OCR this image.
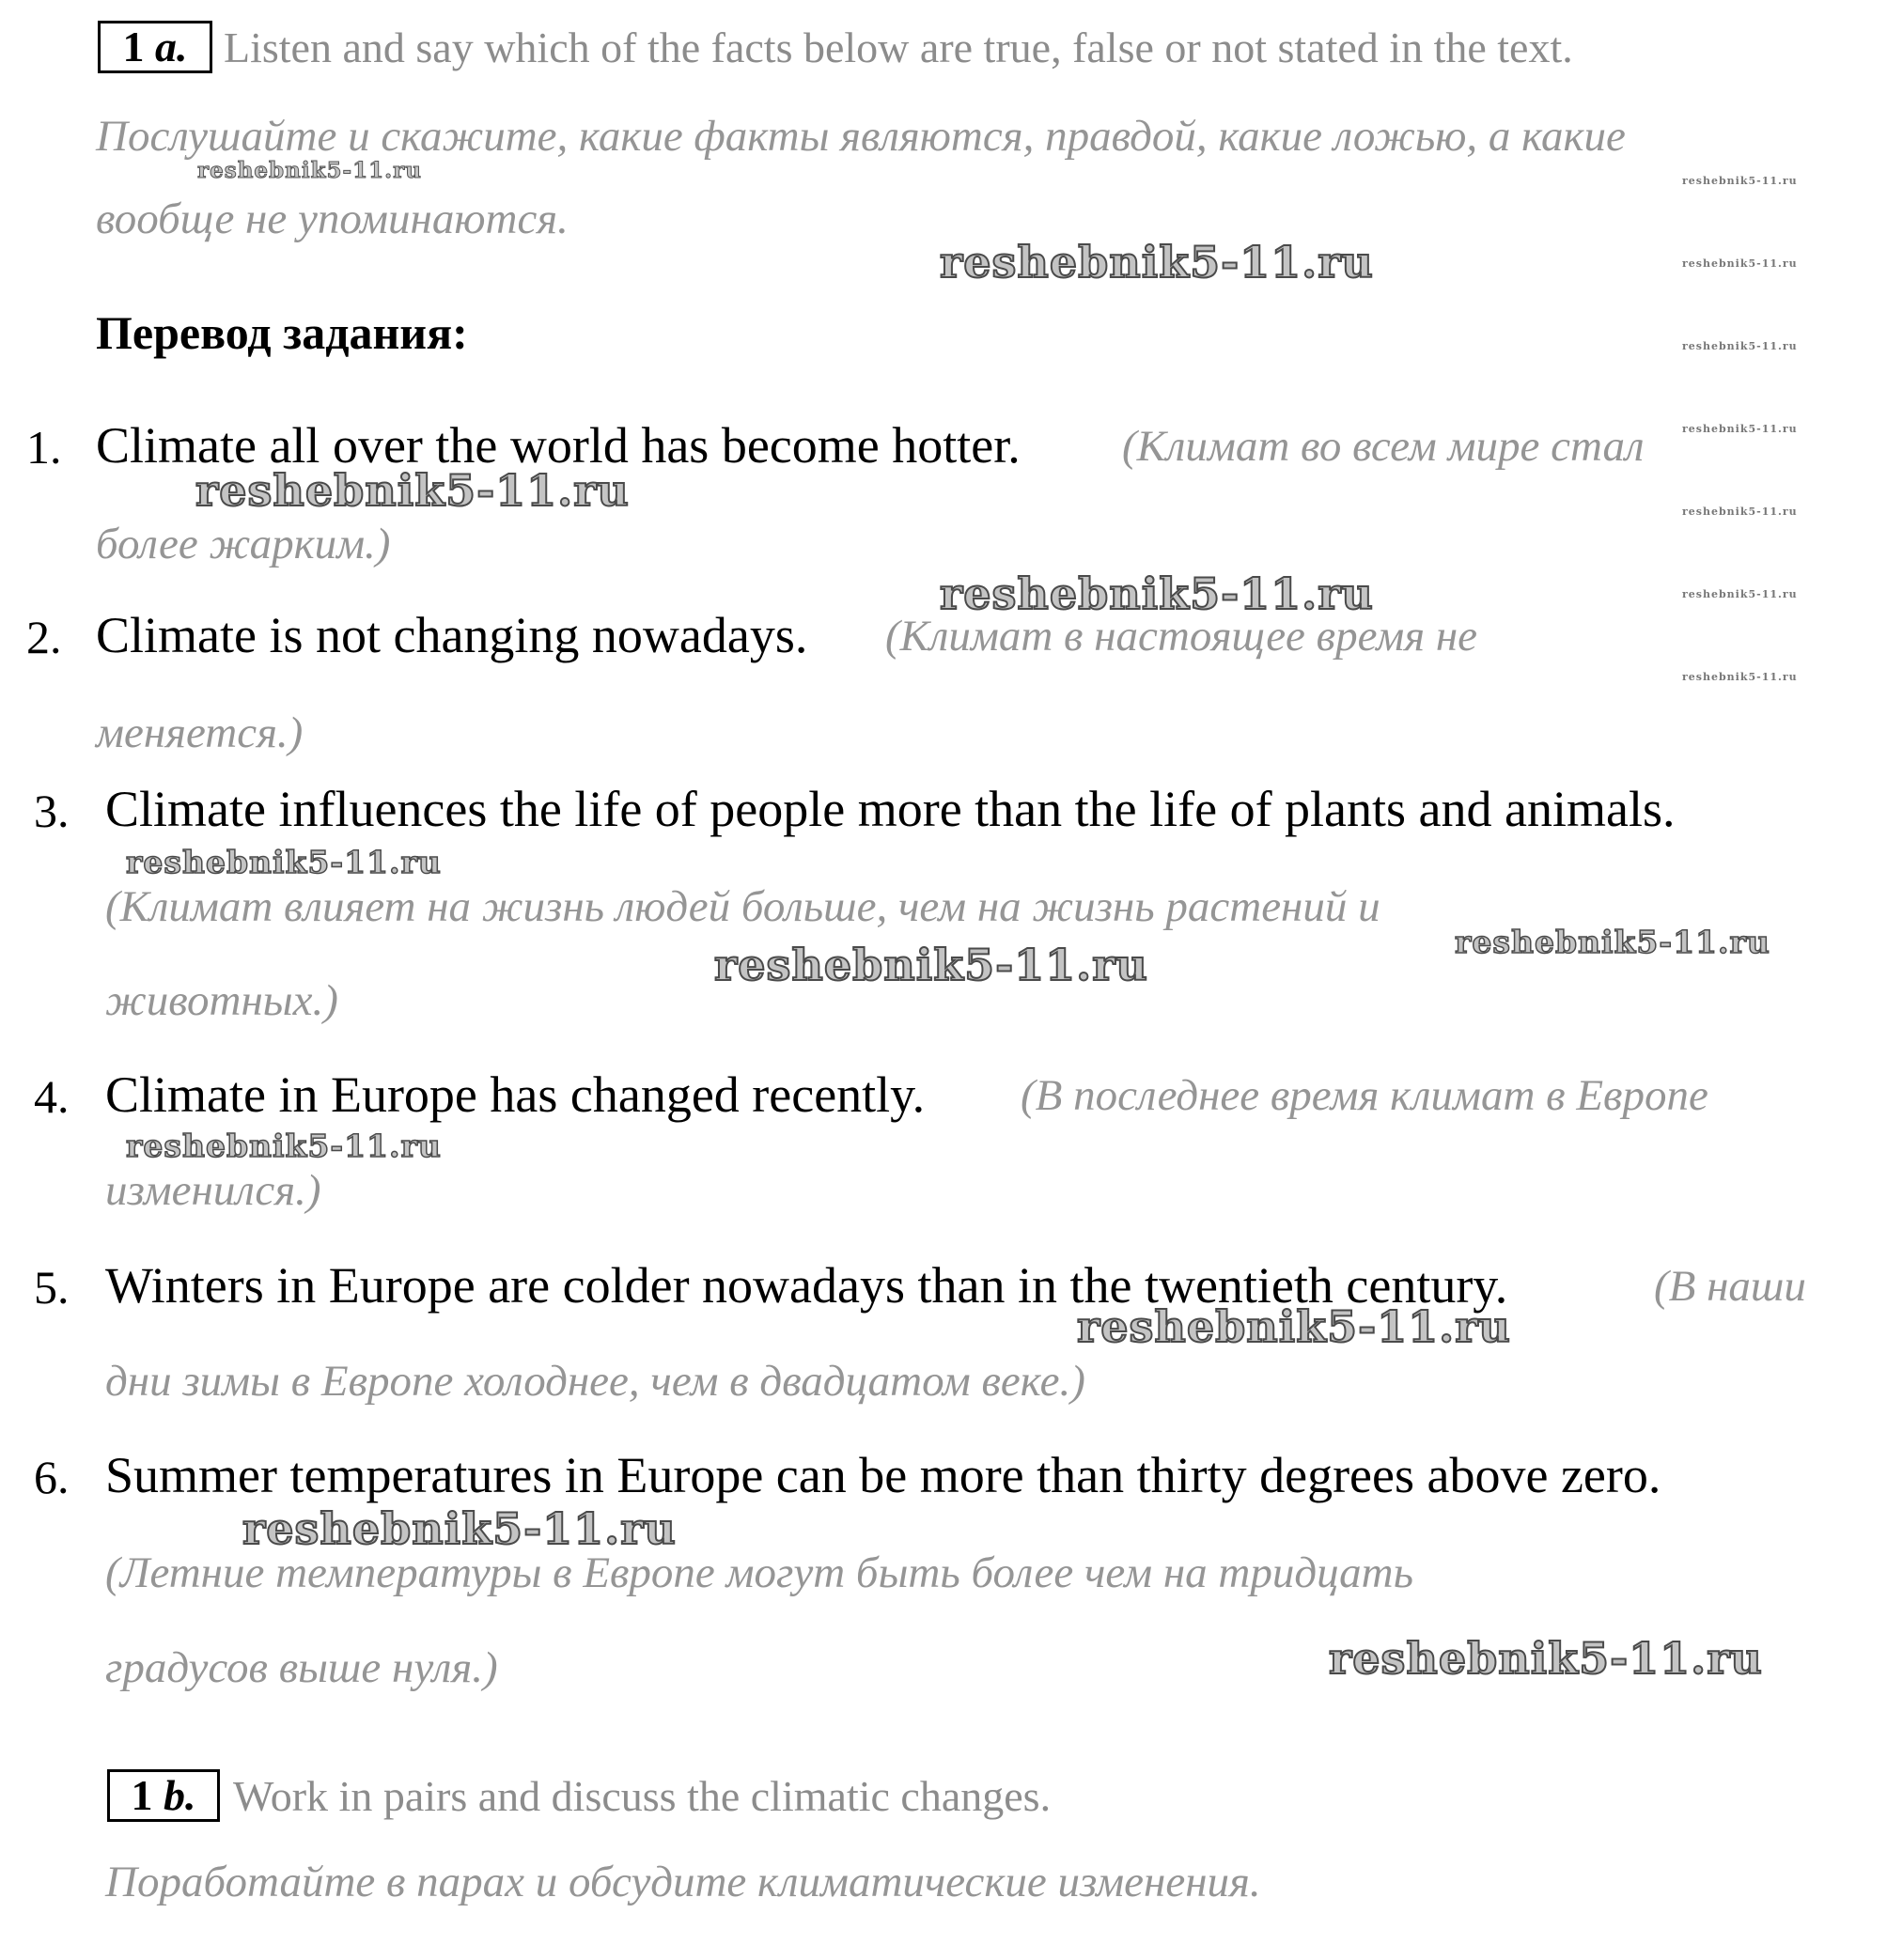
1 a. Listen and say which of the facts below are true, false or not stated in the text.
Послушайте и скажите, какие факты являются, правдой, какие ложью, а какие
вообще не упоминаются.
Перевод задания:
1. Climate all over the world has become hotter. (Климат во всем мире стал
более жарким.)
2. Climate is not changing nowadays. (Климат в настоящее время не
меняется.)
3. Climate influences the life of people more than the life of plants and animals.
(Климат влияет на жизнь людей больше, чем на жизнь растений и
животных.)
4. Climate in Europe has changed recently. (В последнее время климат в Европе
изменился.)
5. Winters in Europe are colder nowadays than in the twentieth century.	(В наши
дни зимы в Европе холоднее, чем в двадцатом веке.)
6. Summer temperatures in Europe can be more than thirty degrees above zero.
(Летние температуры в Европе могут быть более чем на тридцать
градусов выше нуля.)
1 b. Work in pairs and discuss the climatic changes.
Поработайте в парах и обсудите климатические изменения.
reshebnik5-11.ru
reshebnik5-11.ru
reshebnik5-11.ru
reshebnik5-11.ru
reshebnik5-11.ru
reshebnik5-11.ru
reshebnik5-11.ru
reshebnik5-11.ru
reshebnik5-11.ru
reshebnik5-11.ru
reshebnik5-11.ru
reshebnik5-11.ru
reshebnik5-11.ru
reshebnik5-11.ru
reshebnik5-11.ru
reshebnik5-11.ru
reshebnik5-11.ru
reshebnik5-11.ru
